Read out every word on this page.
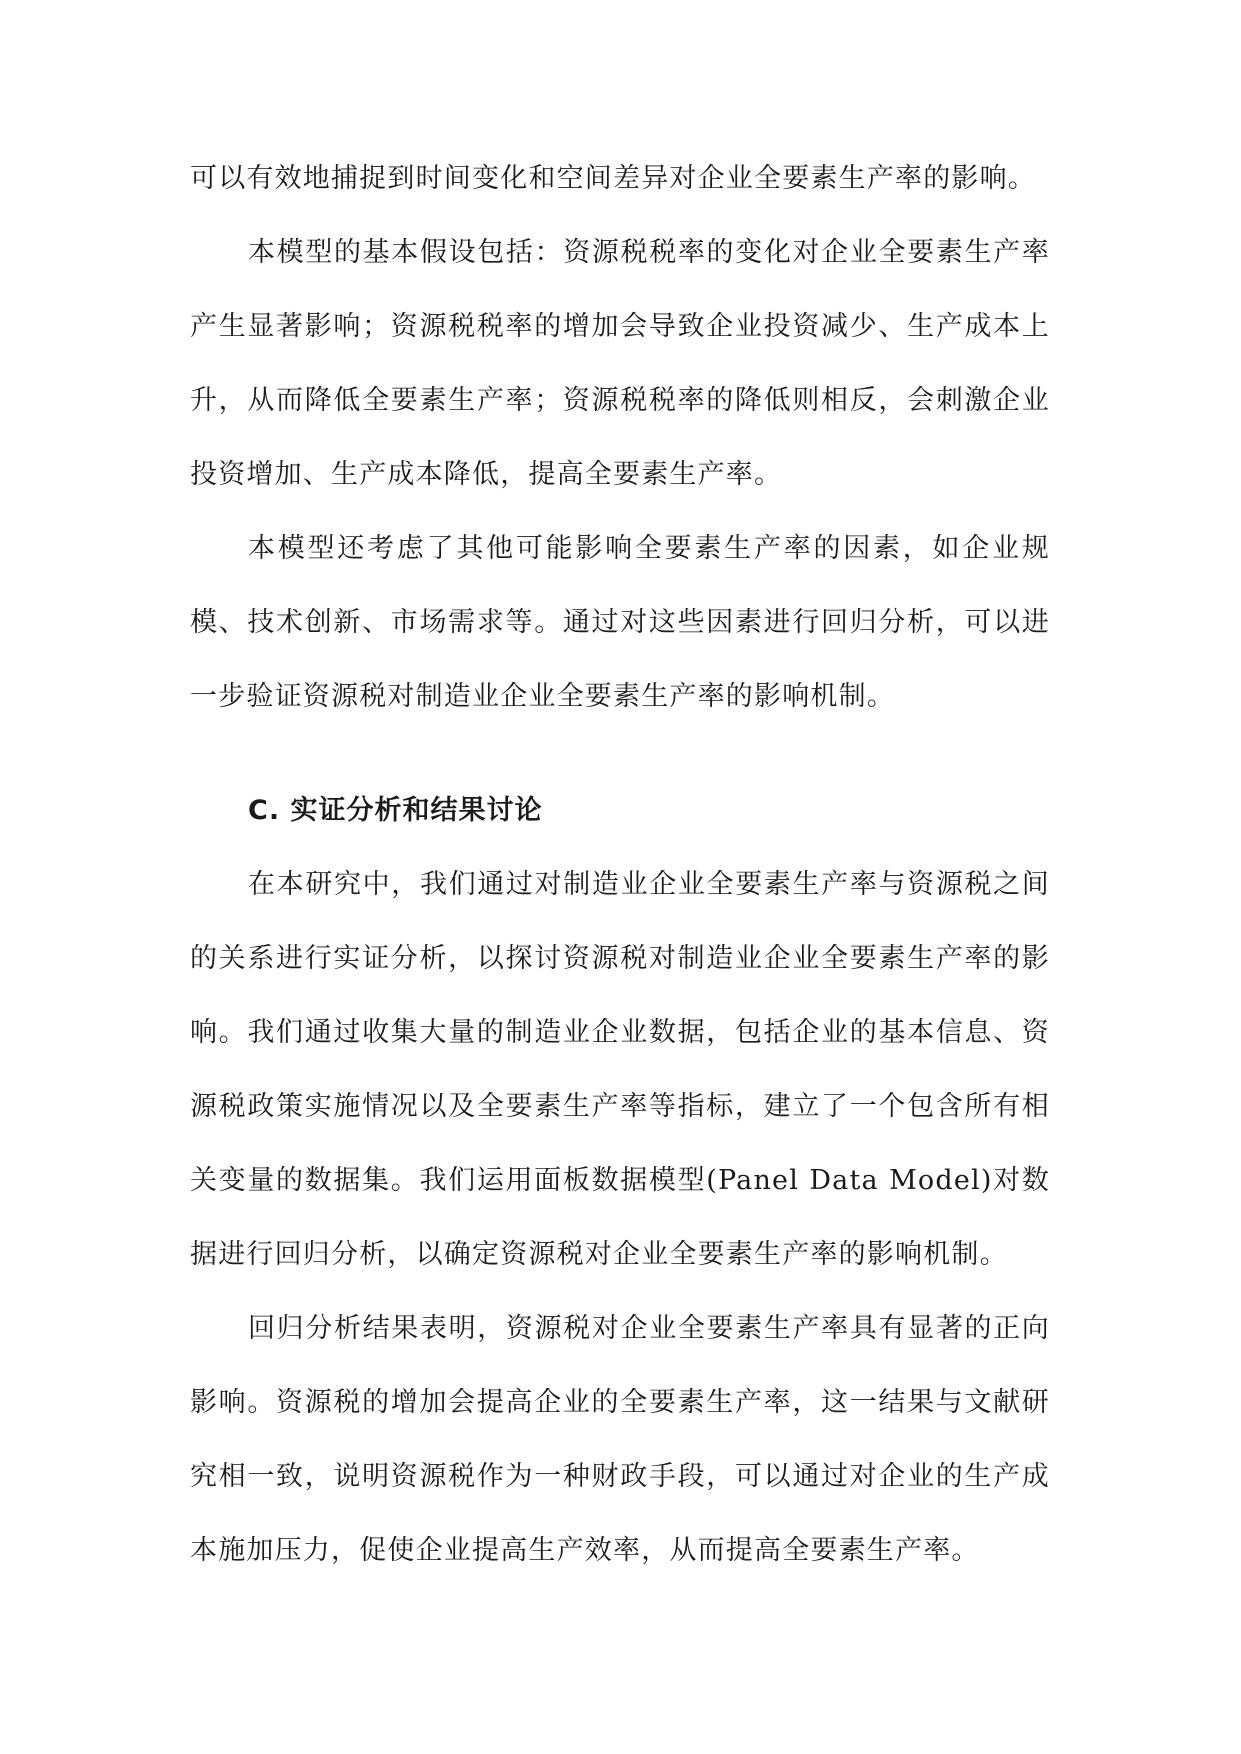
可以有效地捕捉到时间变化和空间差异对企业全要素生产率的影响。

本模型的基本假设包括：资源税税率的变化对企业全要素生产率产生显著影响；资源税税率的增加会导致企业投资减少、生产成本上升，从而降低全要素生产率；资源税税率的降低则相反，会刺激企业投资增加、生产成本降低，提高全要素生产率。

本模型还考虑了其他可能影响全要素生产率的因素，如企业规模、技术创新、市场需求等。通过对这些因素进行回归分析，可以进一步验证资源税对制造业企业全要素生产率的影响机制。

C. 实证分析和结果讨论

在本研究中，我们通过对制造业企业全要素生产率与资源税之间的关系进行实证分析，以探讨资源税对制造业企业全要素生产率的影响。我们通过收集大量的制造业企业数据，包括企业的基本信息、资源税政策实施情况以及全要素生产率等指标，建立了一个包含所有相关变量的数据集。我们运用面板数据模型(Panel Data Model)对数据进行回归分析，以确定资源税对企业全要素生产率的影响机制。

回归分析结果表明，资源税对企业全要素生产率具有显著的正向影响。资源税的增加会提高企业的全要素生产率，这一结果与文献研究相一致，说明资源税作为一种财政手段，可以通过对企业的生产成本施加压力，促使企业提高生产效率，从而提高全要素生产率。
